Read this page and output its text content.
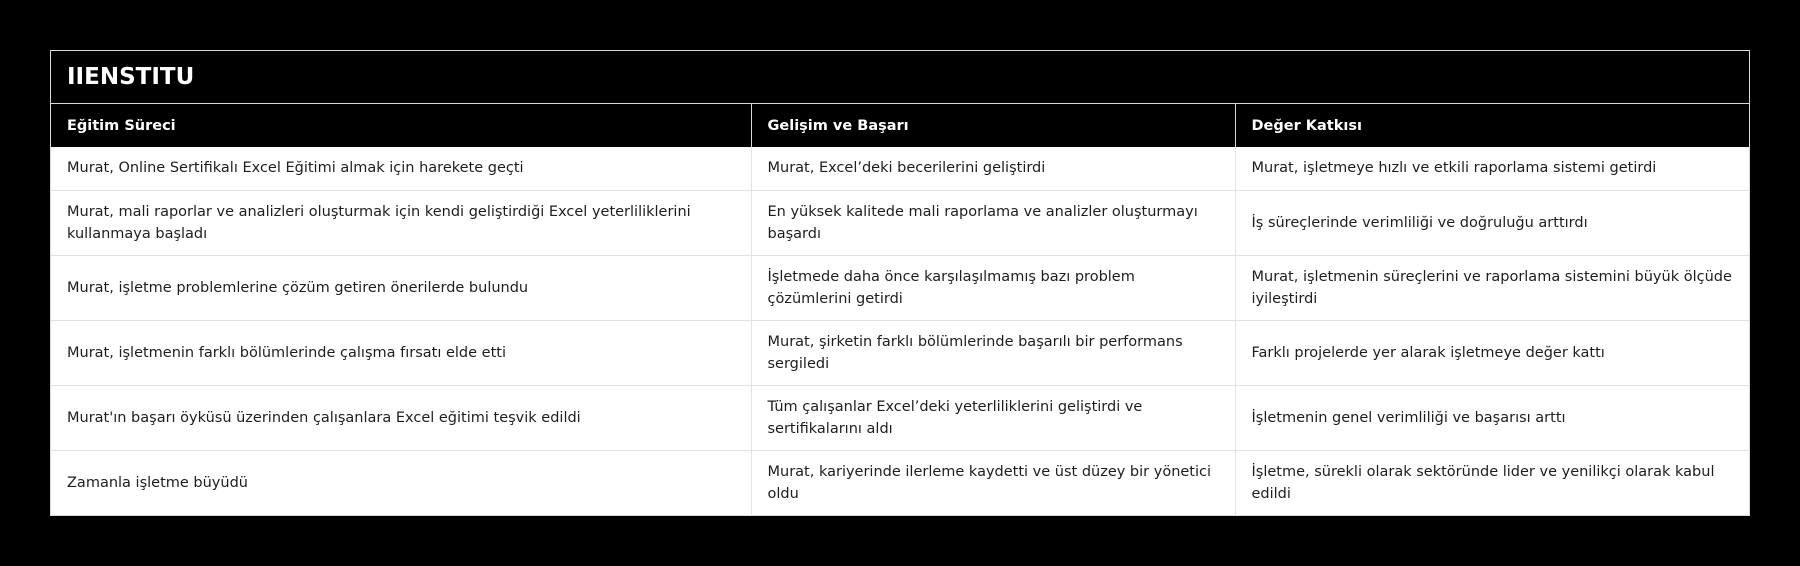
IIENSTITU
Eğitim Süreci	Gelişim ve Başarı	Değer Katkısı
Murat, Online Sertifikalı Excel Eğitimi almak için harekete geçti	Murat, Excel’deki becerilerini geliştirdi	Murat, işletmeye hızlı ve etkili raporlama sistemi getirdi
Murat, mali raporlar ve analizleri oluşturmak için kendi geliştirdiği Excel yeterliliklerini kullanmaya başladı	En yüksek kalitede mali raporlama ve analizler oluşturmayı başardı	İş süreçlerinde verimliliği ve doğruluğu arttırdı
Murat, işletme problemlerine çözüm getiren önerilerde bulundu	İşletmede daha önce karşılaşılmamış bazı problem çözümlerini getirdi	Murat, işletmenin süreçlerini ve raporlama sistemini büyük ölçüde iyileştirdi
Murat, işletmenin farklı bölümlerinde çalışma fırsatı elde etti	Murat, şirketin farklı bölümlerinde başarılı bir performans sergiledi	Farklı projelerde yer alarak işletmeye değer kattı
Murat'ın başarı öyküsü üzerinden çalışanlara Excel eğitimi teşvik edildi	Tüm çalışanlar Excel’deki yeterliliklerini geliştirdi ve sertifikalarını aldı	İşletmenin genel verimliliği ve başarısı arttı
Zamanla işletme büyüdü	Murat, kariyerinde ilerleme kaydetti ve üst düzey bir yönetici oldu	İşletme, sürekli olarak sektöründe lider ve yenilikçi olarak kabul edildi
